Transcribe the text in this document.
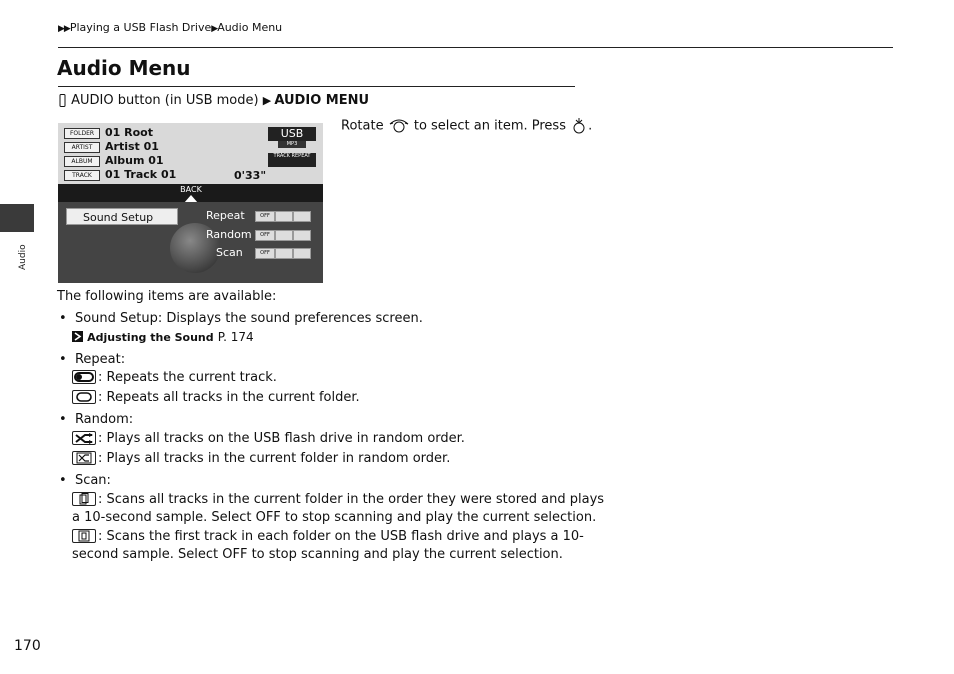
▶▶Playing a USB Flash Drive▶Audio Menu
Audio Menu
AUDIO button (in USB mode) ▶ AUDIO MENU
Rotate to select an item. Press .
FOLDER
ARTIST
ALBUM
TRACK
01 Root
Artist 01
Album 01
01 Track 01	0'33"
USB
MP3
TRACK REPEAT
BACK
Sound Setup	Repeat
Random
Scan
OFF
OFF
OFF
The following items are available:
• Sound Setup: Displays the sound preferences screen.
Adjusting the Sound P. 174
• Repeat:
: Repeats the current track.
: Repeats all tracks in the current folder.
• Random:
: Plays all tracks on the USB flash drive in random order.
: Plays all tracks in the current folder in random order.
• Scan:
: Scans all tracks in the current folder in the order they were stored and plays
a 10-second sample. Select OFF to stop scanning and play the current selection.
: Scans the first track in each folder on the USB flash drive and plays a 10-
second sample. Select OFF to stop scanning and play the current selection.
Audio
170
